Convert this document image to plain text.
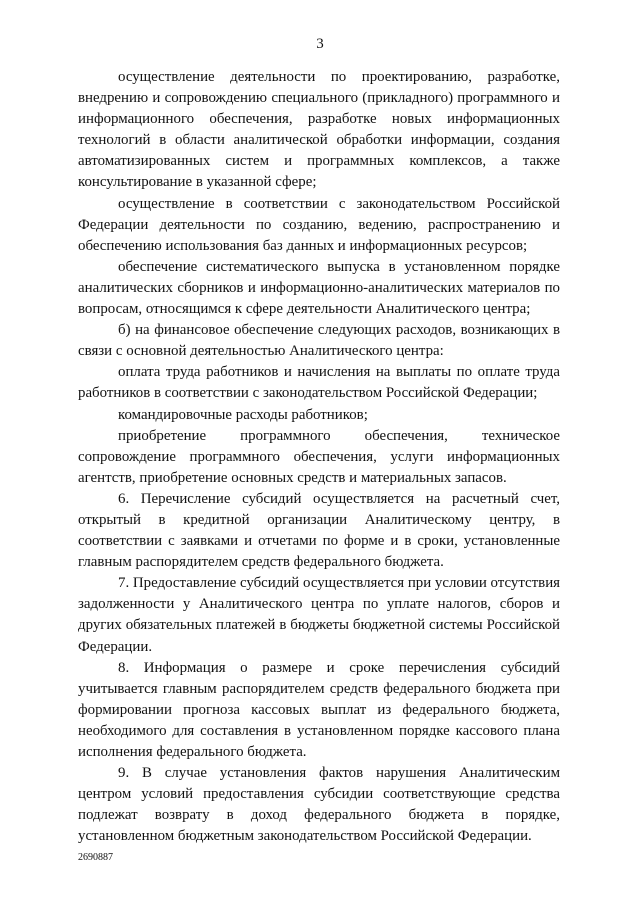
3

осуществление деятельности по проектированию, разработке, внедрению и сопровождению специального (прикладного) программного и информационного обеспечения, разработке новых информационных технологий в области аналитической обработки информации, создания автоматизированных систем и программных комплексов, а также консультирование в указанной сфере;

осуществление в соответствии с законодательством Российской Федерации деятельности по созданию, ведению, распространению и обеспечению использования баз данных и информационных ресурсов;

обеспечение систематического выпуска в установленном порядке аналитических сборников и информационно-аналитических материалов по вопросам, относящимся к сфере деятельности Аналитического центра;

б) на финансовое обеспечение следующих расходов, возникающих в связи с основной деятельностью Аналитического центра:

оплата труда работников и начисления на выплаты по оплате труда работников в соответствии с законодательством Российской Федерации;

командировочные расходы работников;

приобретение программного обеспечения, техническое сопровождение программного обеспечения, услуги информационных агентств, приобретение основных средств и материальных запасов.

6. Перечисление субсидий осуществляется на расчетный счет, открытый в кредитной организации Аналитическому центру, в соответствии с заявками и отчетами по форме и в сроки, установленные главным распорядителем средств федерального бюджета.

7. Предоставление субсидий осуществляется при условии отсутствия задолженности у Аналитического центра по уплате налогов, сборов и других обязательных платежей в бюджеты бюджетной системы Российской Федерации.

8. Информация о размере и сроке перечисления субсидий учитывается главным распорядителем средств федерального бюджета при формировании прогноза кассовых выплат из федерального бюджета, необходимого для составления в установленном порядке кассового плана исполнения федерального бюджета.

9. В случае установления фактов нарушения Аналитическим центром условий предоставления субсидии соответствующие средства подлежат возврату в доход федерального бюджета в порядке, установленном бюджетным законодательством Российской Федерации.

2690887
